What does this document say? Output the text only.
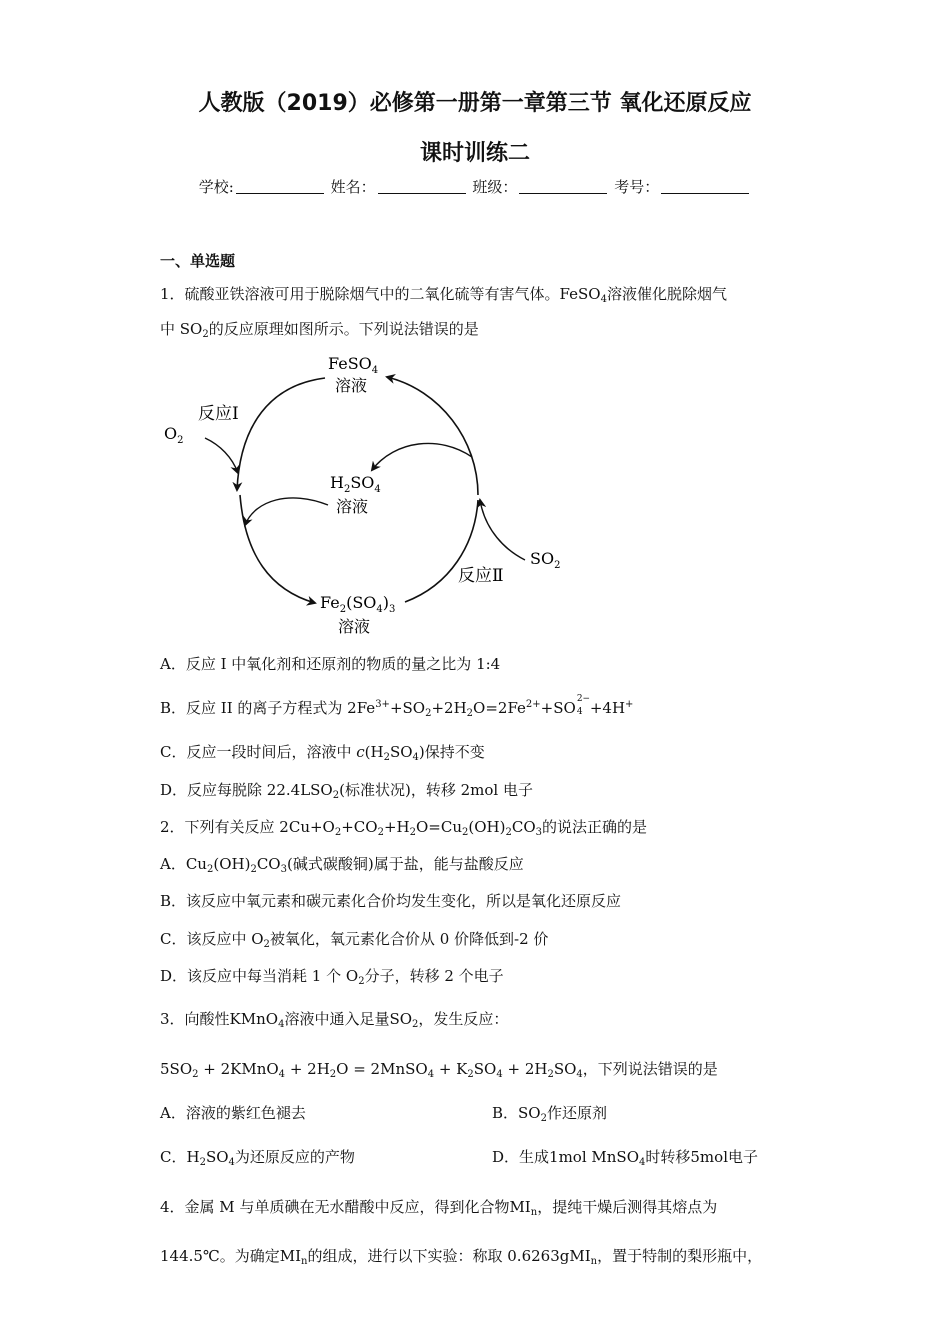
人教版（2019）必修第一册第一章第三节 氧化还原反应
课时训练二
学校:	姓名：	班级：	考号：
一、单选题
1．硫酸亚铁溶液可用于脱除烟气中的二氧化硫等有害气体。FeSO$_4$溶液催化脱除烟气
中 $SO_2$的反应原理如图所示。下列说法错误的是
FeSO$_4$
溶液
$H_2SO_4$
溶液
$Fe_2(SO_4)_3$
溶液
反应Ⅰ
反应Ⅱ
$O_2$
$SO_2$
A．反应 I 中氧化剂和还原剂的物质的量之比为 1:4
B．反应 II 的离子方程式为 $2Fe^{3+}+SO_2+2H_2O=2Fe^{2+}+SO$ 2−
4 +4H+
C．反应一段时间后，溶液中 $c(H_2SO_4)$保持不变
D．反应每脱除 $22.4LSO_2$(标准状况)，转移 2mol 电子
2．下列有关反应 $2Cu+O_2+CO_2+H_2O=Cu_2(OH)_2CO_3$的说法正确的是
A．$Cu_2(OH)_2CO_3$(碱式碳酸铜)属于盐，能与盐酸反应
B．该反应中氧元素和碳元素化合价均发生变化，所以是氧化还原反应
C．该反应中 $O_2$被氧化，氧元素化合价从 0 价降低到-2 价
D．该反应中每当消耗 1 个 $O_2$分子，转移 2 个电子
3．向酸性KMnO$_4$溶液中通入足量$SO_2$，发生反应：
$5SO_2$ + 2KMnO$_4$ + $2H_2O$ = 2MnSO$_4$ + $K_2SO_4 + 2H_2SO_4$，下列说法错误的是
A．溶液的紫红色褪去	B．$SO_2$作还原剂
C．$H_2SO_4$为还原反应的产物	D．生成1mol MnSO$_4$时转移5mol电子
4．金属 M 与单质碘在无水醋酸中反应，得到化合物$MI_n$，提纯干燥后测得其熔点为
144.5℃。为确定$MI_n$的组成，进行以下实验：称取 0.6263gMI$_n$，置于特制的梨形瓶中，
